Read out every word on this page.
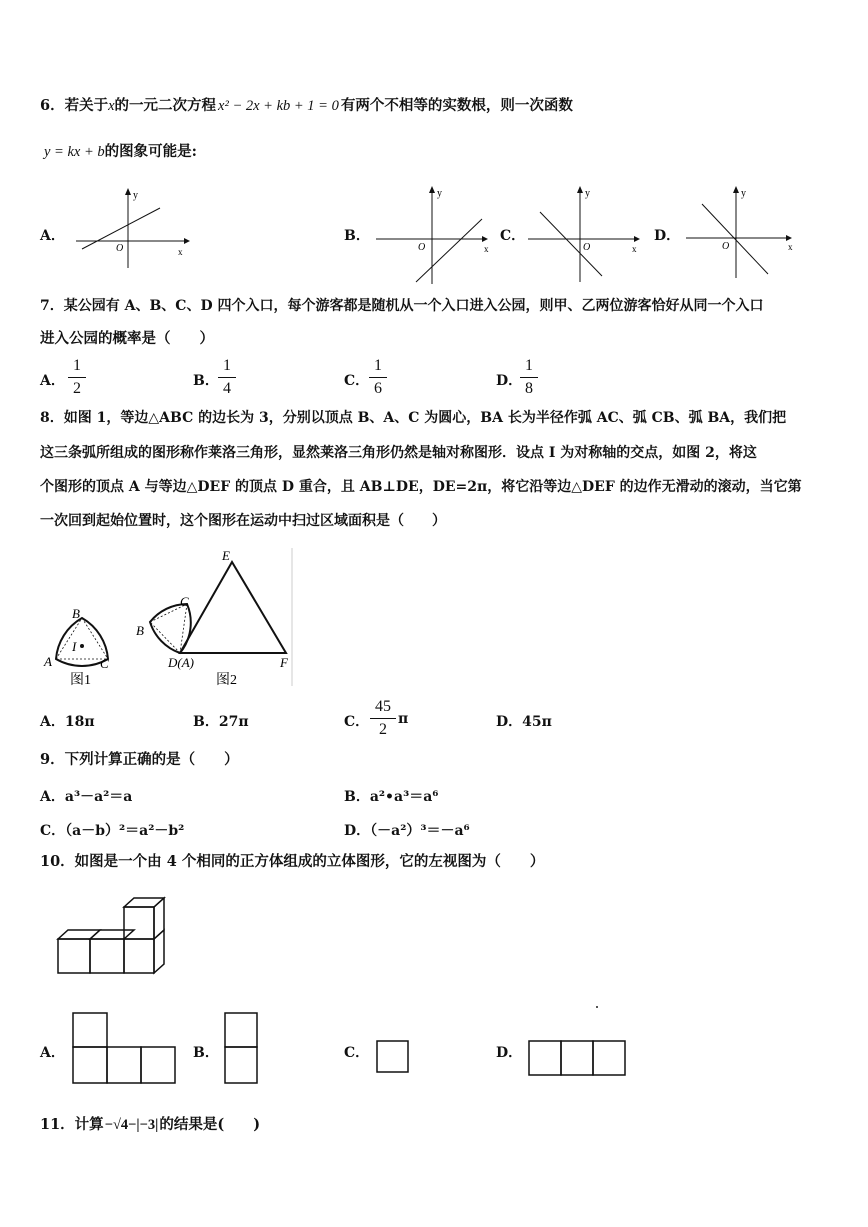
6．若关于x的一元二次方程 x² − 2x + kb + 1 = 0 有两个不相等的实数根，则一次函数
y = kx + b的图象可能是:
A．	B．	C．	D．
y
x
O
y
x
O
y
x
O
y
x
O
7．某公园有 A、B、C、D 四个入口，每个游客都是随机从一个入口进入公园，则甲、乙两位游客恰好从同一个入口
进入公园的概率是（　　）
A．
1
2	B．
1
4	C．
1
6	D．
1
8
8．如图 1，等边△ABC 的边长为 3，分别以顶点 B、A、C 为圆心，BA 长为半径作弧 AC、弧 CB、弧 BA，我们把
这三条弧所组成的图形称作莱洛三角形，显然莱洛三角形仍然是轴对称图形．设点 I 为对称轴的交点，如图 2，将这
个图形的顶点 A 与等边△DEF 的顶点 D 重合，且 AB⊥DE，DE=2π，将它沿等边△DEF 的边作无滑动的滚动，当它第
一次回到起始位置时，这个图形在运动中扫过区域面积是（　　）
B
A	C
I
图1
E
C
B
D(A)	F
图2
A．18π	B．27π	C．
45
2
π	D．45π
9．下列计算正确的是（　　）
A．a³－a²＝a	B．a²•a³＝a⁶
C．（a－b）²＝a²－b²	D．（－a²）³＝－a⁶
10．如图是一个由 4 个相同的正方体组成的立体图形，它的左视图为（　　）
A．	B．	C．	D．
11．计算−√4−|−3|的结果是(　　)
